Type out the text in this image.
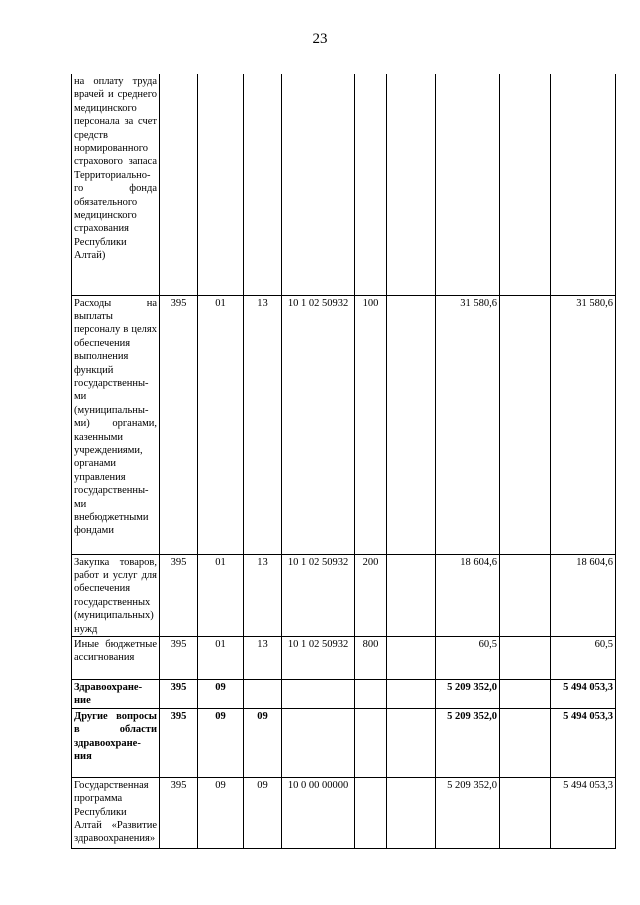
23
на оплату труда врачей и среднего медицинского персонала за счет средств нормированного страхового запаса Территориально-го фонда обязательного медицинского страхования Республики Алтай)									
Расходы на выплаты персоналу в целях обеспечения выполнения функций государственны-ми (муниципальны-ми) органами, казенными учреждениями, органами управления государственны-ми внебюджетными фондами	395	01	13	10 1 02 50932	100		31 580,6		31 580,6
Закупка товаров, работ и услуг для обеспечения государственных (муниципальных) нужд	395	01	13	10 1 02 50932	200		18 604,6		18 604,6
Иные бюджетные ассигнования	395	01	13	10 1 02 50932	800		60,5		60,5
Здравоохране-ние	395	09					5 209 352,0		5 494 053,3
Другие вопросы в области здравоохране-ния	395	09	09				5 209 352,0		5 494 053,3
Государственная программа Республики Алтай «Развитие здравоохранения»	395	09	09	10 0 00 00000			5 209 352,0		5 494 053,3
